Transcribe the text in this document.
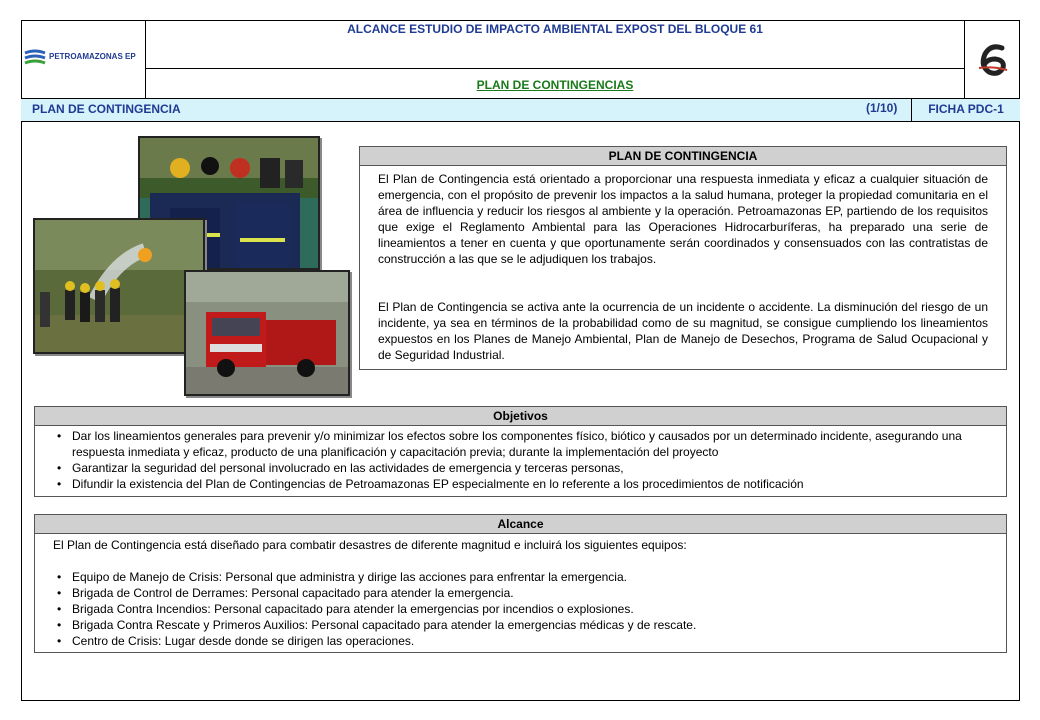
PETROAMAZONAS EP
ALCANCE ESTUDIO DE IMPACTO AMBIENTAL EXPOST DEL BLOQUE 61
PLAN DE CONTINGENCIAS
PLAN DE CONTINGENCIA	(1/10)	FICHA PDC-1
PLAN DE CONTINGENCIA
El Plan de Contingencia está orientado a proporcionar una respuesta inmediata y eficaz a cualquier situación de emergencia, con el propósito de prevenir los impactos a la salud humana, proteger la propiedad comunitaria en el área de influencia y reducir los riesgos al ambiente y la operación. Petroamazonas EP, partiendo de los requisitos que exige el Reglamento Ambiental para las Operaciones Hidrocarburíferas, ha preparado una serie de lineamientos a tener en cuenta y que oportunamente serán coordinados y consensuados con las contratistas de construcción a las que se le adjudiquen los trabajos.
El Plan de Contingencia se activa ante la ocurrencia de un incidente o accidente. La disminución del riesgo de un incidente, ya sea en términos de la probabilidad como de su magnitud, se consigue cumpliendo los lineamientos expuestos en los Planes de Manejo Ambiental, Plan de Manejo de Desechos, Programa de Salud Ocupacional y de Seguridad Industrial.
Objetivos
• Dar los lineamientos generales para prevenir y/o minimizar los efectos sobre los componentes físico, biótico y causados por un determinado incidente, asegurando una respuesta inmediata y eficaz, producto de una planificación y capacitación previa; durante la implementación del proyecto
• Garantizar la seguridad del personal involucrado en las actividades de emergencia y terceras personas,
• Difundir la existencia del Plan de Contingencias de Petroamazonas EP especialmente en lo referente a los procedimientos de notificación
Alcance
El Plan de Contingencia está diseñado para combatir desastres de diferente magnitud e incluirá los siguientes equipos:
• Equipo de Manejo de Crisis: Personal que administra y dirige las acciones para enfrentar la emergencia.
• Brigada de Control de Derrames: Personal capacitado para atender la emergencia.
• Brigada Contra Incendios: Personal capacitado para atender la emergencias por incendios o explosiones.
• Brigada Contra Rescate y Primeros Auxilios: Personal capacitado para atender la emergencias médicas y de rescate.
• Centro de Crisis: Lugar desde donde se dirigen las operaciones.
